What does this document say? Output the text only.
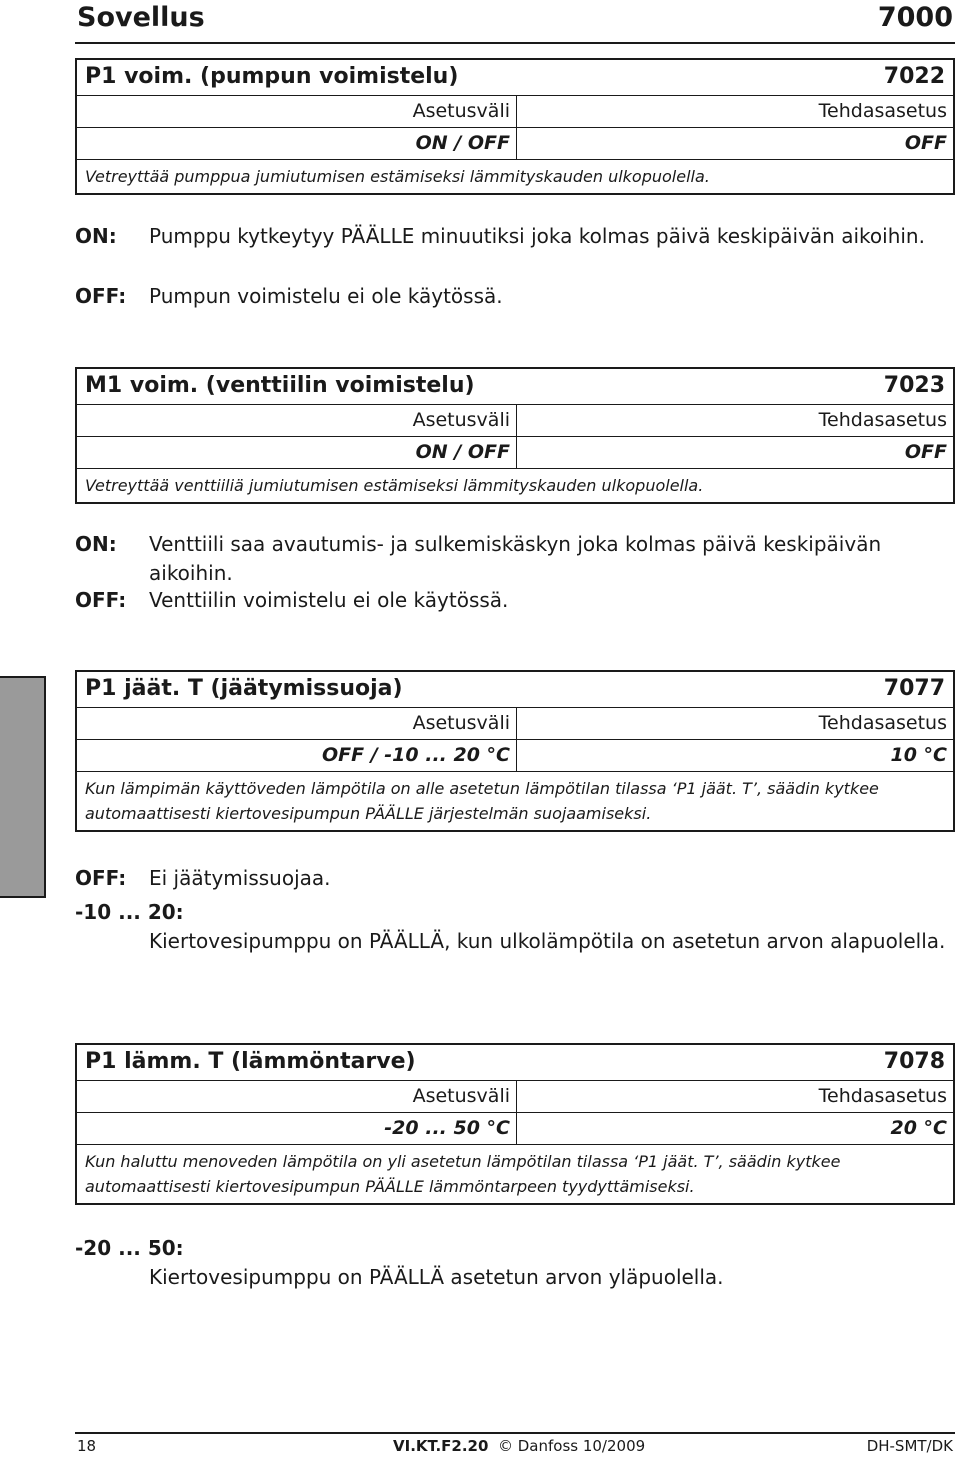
Sovellus	7000
P1 voim. (pumpun voimistelu)	7022
Asetusväli	Tehdasasetus
ON / OFF	OFF
Vetreyttää pumppua jumiutumisen estämiseksi lämmityskauden ulkopuolella.
ON: Pumppu kytkeytyy PÄÄLLE minuutiksi joka kolmas päivä keskipäivän aikoihin.
OFF: Pumpun voimistelu ei ole käytössä.
M1 voim. (venttiilin voimistelu)	7023
Asetusväli	Tehdasasetus
ON / OFF	OFF
Vetreyttää venttiiliä jumiutumisen estämiseksi lämmityskauden ulkopuolella.
ON: Venttiili saa avautumis- ja sulkemiskäskyn joka kolmas päivä keskipäivän aikoihin.
OFF: Venttiilin voimistelu ei ole käytössä.
P1 jäät. T (jäätymissuoja)	7077
Asetusväli	Tehdasasetus
OFF / -10 ... 20 °C	10 °C
Kun lämpimän käyttöveden lämpötila on alle asetetun lämpötilan tilassa ‘P1 jäät. T’, säädin kytkee automaattisesti kiertovesipumpun PÄÄLLE järjestelmän suojaamiseksi.
OFF: Ei jäätymissuojaa.
-10 ... 20:
Kiertovesipumppu on PÄÄLLÄ, kun ulkolämpötila on asetetun arvon alapuolella.
P1 lämm. T (lämmöntarve)	7078
Asetusväli	Tehdasasetus
-20 ... 50 °C	20 °C
Kun haluttu menoveden lämpötila on yli asetetun lämpötilan tilassa ‘P1 jäät. T’, säädin kytkee automaattisesti kiertovesipumpun PÄÄLLE lämmöntarpeen tyydyttämiseksi.
-20 ... 50:
Kiertovesipumppu on PÄÄLLÄ asetetun arvon yläpuolella.
18	VI.KT.F2.20 © Danfoss 10/2009	DH-SMT/DK
